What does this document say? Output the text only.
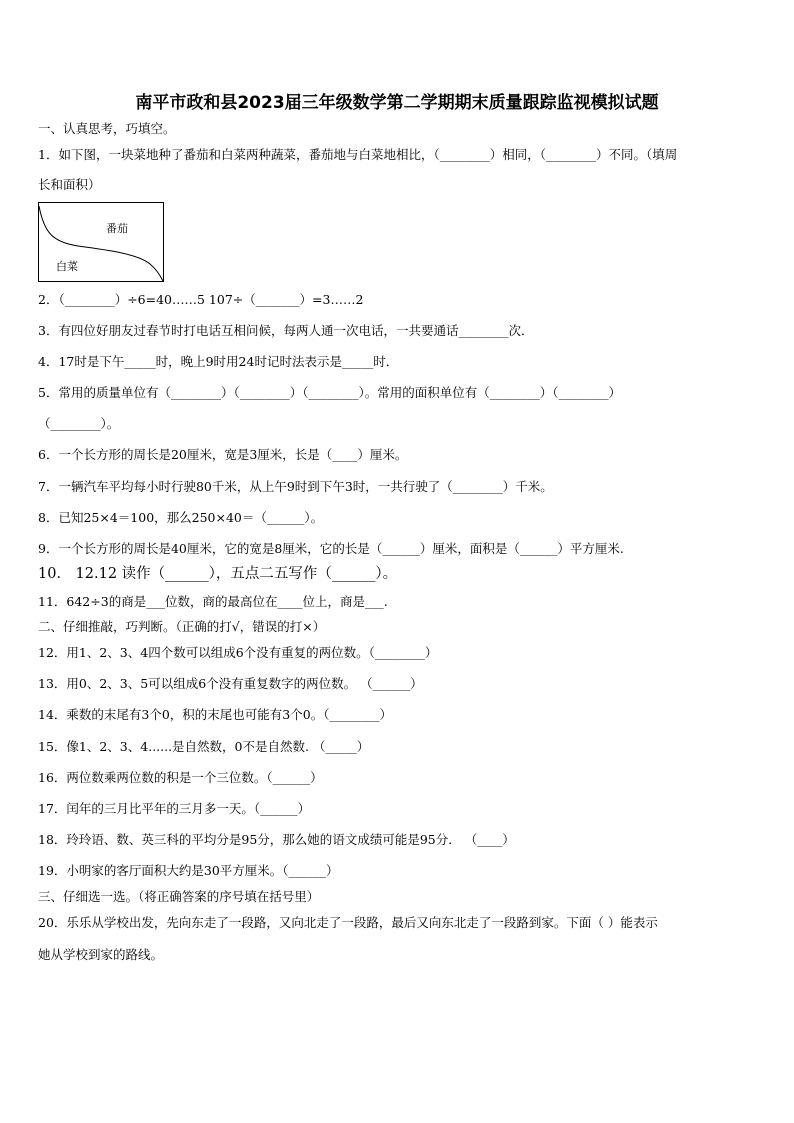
南平市政和县2023届三年级数学第二学期期末质量跟踪监视模拟试题
一、认真思考，巧填空。
1．如下图，一块菜地种了番茄和白菜两种蔬菜，番茄地与白菜地相比，（________）相同，（________）不同。（填周
长和面积）
番茄
白菜
2．（________）÷6=40……5 107÷（_______）=3……2
3．有四位好朋友过春节时打电话互相问候，每两人通一次电话，一共要通话________次．
4．17时是下午_____时，晚上9时用24时记时法表示是_____时．
5．常用的质量单位有（________）（________）（________）。常用的面积单位有（________）（________）
（________）。
6．一个长方形的周长是20厘米，宽是3厘米，长是（____）厘米。
7．一辆汽车平均每小时行驶80千米，从上午9时到下午3时，一共行驶了（________）千米。
8．已知25×4＝100，那么250×40＝（______）。
9．一个长方形的周长是40厘米，它的宽是8厘米，它的长是（______）厘米，面积是（______）平方厘米.
10． 12.12 读作（______），五点二五写作（______）。
11．642÷3的商是___位数，商的最高位在____位上，商是___.
二、仔细推敲，巧判断。（正确的打√，错误的打×）
12．用1、2、3、4四个数可以组成6个没有重复的两位数。（________）
13．用0、2、3、5可以组成6个没有重复数字的两位数。 （______）
14．乘数的末尾有3个0，积的末尾也可能有3个0。（________）
15．像1、2、3、4......是自然数，0不是自然数. （_____）
16．两位数乘两位数的积是一个三位数。（______）
17．闰年的三月比平年的三月多一天。（______）
18．玲玲语、数、英三科的平均分是95分，那么她的语文成绩可能是95分． （____）
19．小明家的客厅面积大约是30平方厘米。（______）
三、仔细选一选。（将正确答案的序号填在括号里）
20．乐乐从学校出发，先向东走了一段路，又向北走了一段路，最后又向东北走了一段路到家。下面（ ）能表示
她从学校到家的路线。
